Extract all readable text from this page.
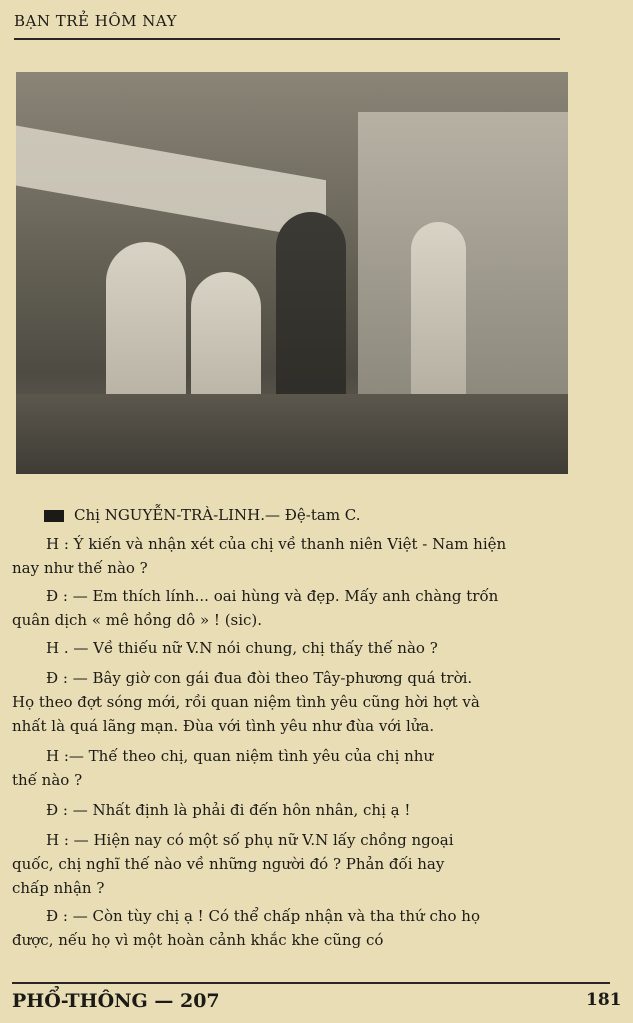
BẠN TRẺ HÔM NAY
Chị NGUYỄN-TRÀ-LINH.— Đệ-tam C.
H : Ý kiến và nhận xét của chị về thanh niên Việt - Nam hiện
nay như thế nào ?
Đ : — Em thích lính... oai hùng và đẹp. Mấy anh chàng trốn
quân dịch « mê hồng dô » ! (sic).
H . — Về thiếu nữ V.N nói chung, chị thấy thế nào ?
Đ : — Bây giờ con gái đua đòi theo Tây-phương quá trời.
Họ theo đợt sóng mới, rồi quan niệm tình yêu cũng hời hợt và
nhất là quá lãng mạn. Đùa với tình yêu như đùa với lửa.
H :— Thế theo chị, quan niệm tình yêu của chị như
thế nào ?
Đ : — Nhất định là phải đi đến hôn nhân, chị ạ !
H : — Hiện nay có một số phụ nữ V.N lấy chồng ngoại
quốc, chị nghĩ thế nào về những người đó ? Phản đối hay
chấp nhận ?
Đ : — Còn tùy chị ạ ! Có thể chấp nhận và tha thứ cho họ
được, nếu họ vì một hoàn cảnh khắc khe cũng có
PHỔ-THÔNG — 207	181
